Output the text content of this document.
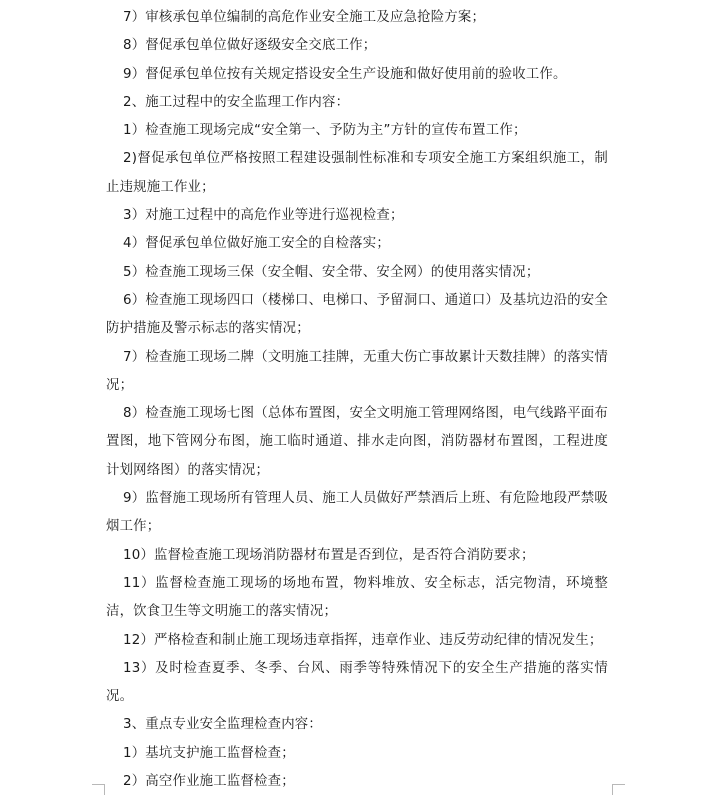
7）审核承包单位编制的高危作业安全施工及应急抢险方案；

8）督促承包单位做好逐级安全交底工作；

9）督促承包单位按有关规定搭设安全生产设施和做好使用前的验收工作。

2、施工过程中的安全监理工作内容：

1）检查施工现场完成“安全第一、予防为主”方针的宣传布置工作；

2)督促承包单位严格按照工程建设强制性标准和专项安全施工方案组织施工，制止违规施工作业；

3）对施工过程中的高危作业等进行巡视检查；

4）督促承包单位做好施工安全的自检落实；

5）检查施工现场三保（安全帽、安全带、安全网）的使用落实情况；

6）检查施工现场四口（楼梯口、电梯口、予留洞口、通道口）及基坑边沿的安全防护措施及警示标志的落实情况；

7）检查施工现场二牌（文明施工挂牌，无重大伤亡事故累计天数挂牌）的落实情况；

8）检查施工现场七图（总体布置图，安全文明施工管理网络图，电气线路平面布置图，地下管网分布图，施工临时通道、排水走向图，消防器材布置图，工程进度计划网络图）的落实情况；

9）监督施工现场所有管理人员、施工人员做好严禁酒后上班、有危险地段严禁吸烟工作；

10）监督检查施工现场消防器材布置是否到位，是否符合消防要求；

11）监督检查施工现场的场地布置，物料堆放、安全标志，活完物清，环境整洁，饮食卫生等文明施工的落实情况；

12）严格检查和制止施工现场违章指挥，违章作业、违反劳动纪律的情况发生；

13）及时检查夏季、冬季、台风、雨季等特殊情况下的安全生产措施的落实情况。

3、重点专业安全监理检查内容：

1）基坑支护施工监督检查；

2）高空作业施工监督检查；
